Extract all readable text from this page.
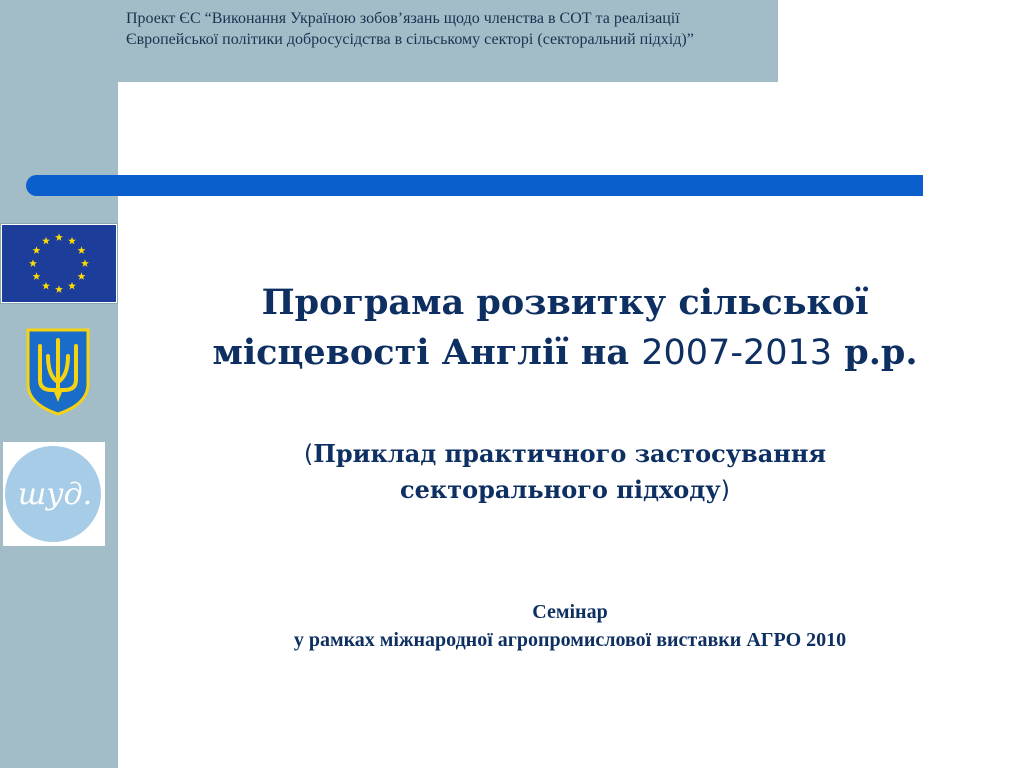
Проект ЄС “Виконання Україною зобов’язань щодо членства в СОТ та реалізації Європейської політики добросусідства в сільському секторі (секторальний підхід)”
шуд.
Програма розвитку сільської
місцевості Англії на 2007-2013 р.р.
(Приклад практичного застосування
секторального підходу)
Семінар
у рамках міжнародної агропромислової виставки АГРО 2010
